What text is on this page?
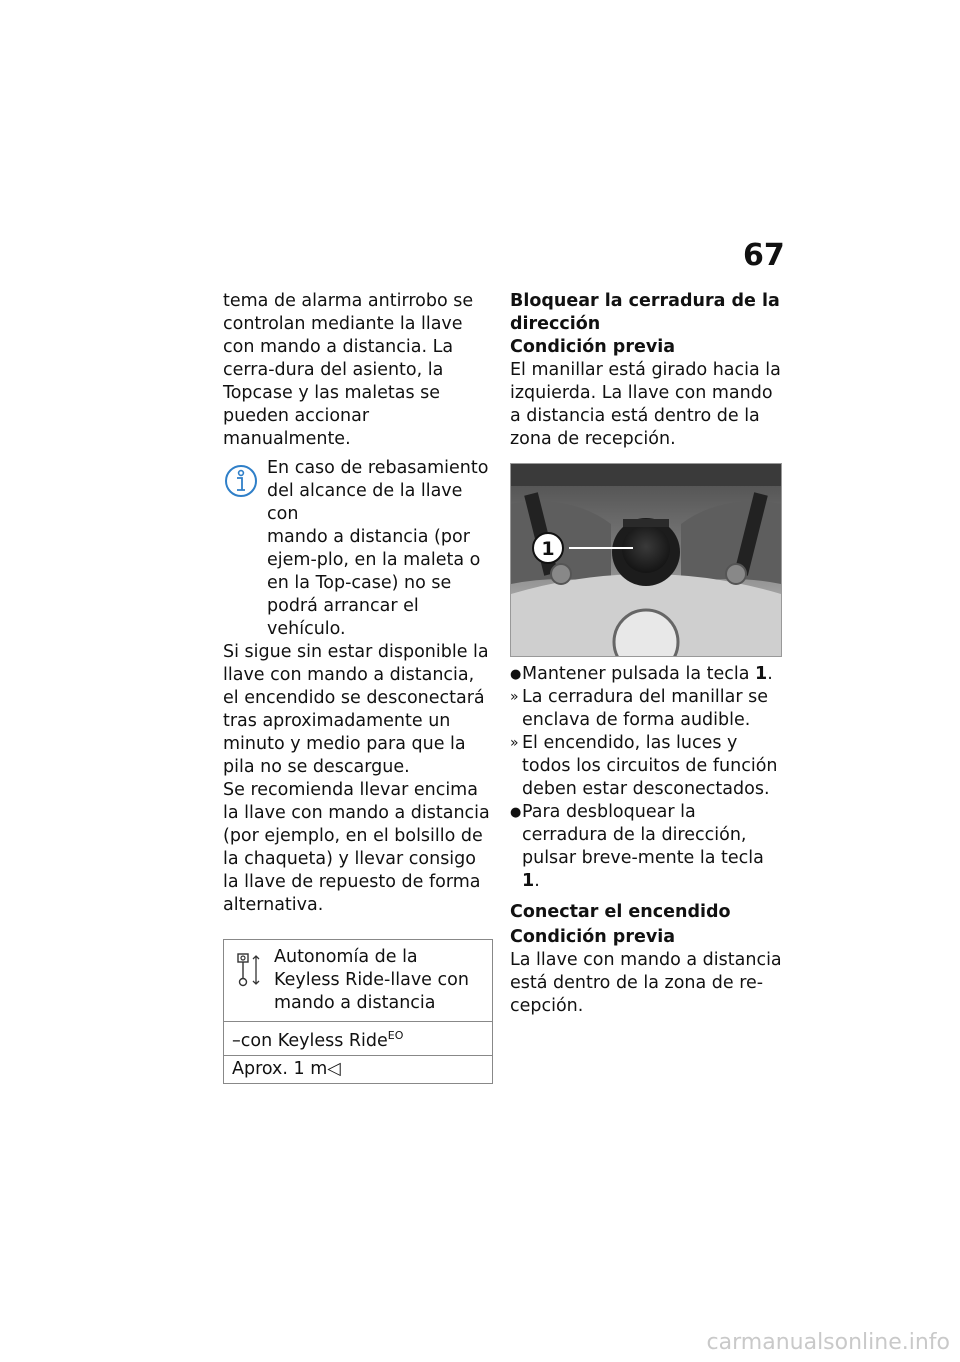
67

tema de alarma antirrobo se controlan mediante la llave con mando a distancia. La cerra-dura del asiento, la Topcase y las maletas se pueden accionar manualmente.

En caso de rebasamiento del alcance de la llave con

mando a distancia (por ejem-plo, en la maleta o en la Top-case) no se podrá arrancar el vehículo.

Si sigue sin estar disponible la llave con mando a distancia, el encendido se desconectará tras aproximadamente un minuto y medio para que la pila no se descargue.

Se recomienda llevar encima la llave con mando a distancia (por ejemplo, en el bolsillo de la chaqueta) y llevar consigo la llave de repuesto de forma alternativa.

Autonomía de la Keyless Ride-llave con mando a distancia
–con Keyless Ride$^{EO}$
Aprox. 1 m◁
Bloquear la cerradura de la dirección
Condición previa

El manillar está girado hacia la izquierda. La llave con mando a distancia está dentro de la zona de recepción.

1
● Mantener pulsada la tecla 1.
» La cerradura del manillar se enclava de forma audible.
» El encendido, las luces y todos los circuitos de función deben estar desconectados.
● Para desbloquear la cerradura de la dirección, pulsar breve-mente la tecla 1.
Conectar el encendido
Condición previa

La llave con mando a distancia está dentro de la zona de re-cepción.

carmanualsonline.info
